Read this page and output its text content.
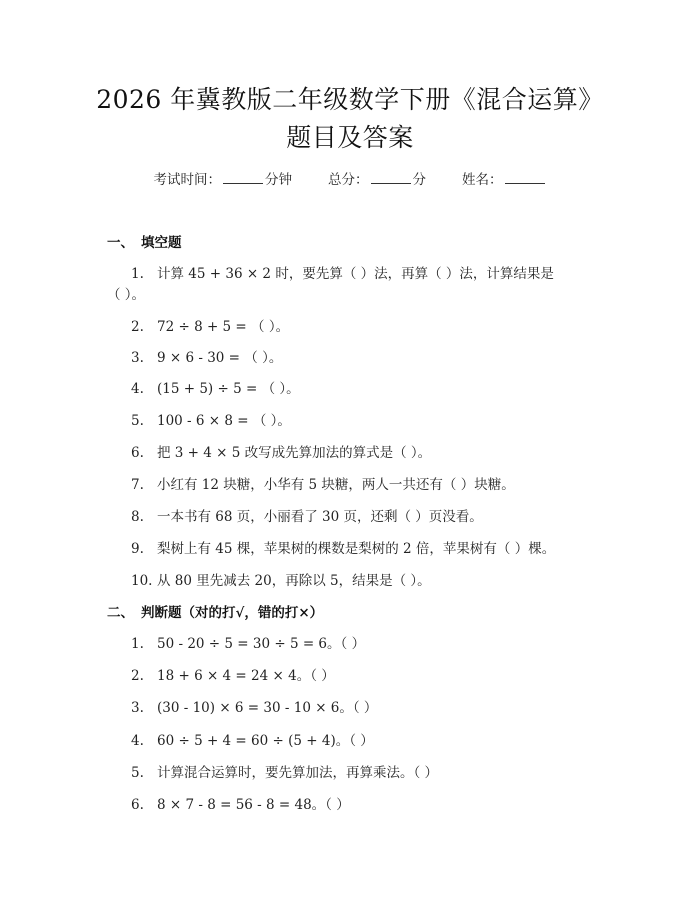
2026 年冀教版二年级数学下册《混合运算》
题目及答案
考试时间：	分钟	总分：	分	姓名：
一、 填空题
1. 计算 45 + 36 × 2 时，要先算（ ）法，再算（ ）法，计算结果是
（ ）。
2. 72 ÷ 8 + 5 = （ ）。
3. 9 × 6 - 30 = （ ）。
4. (15 + 5) ÷ 5 = （ ）。
5. 100 - 6 × 8 = （ ）。
6. 把 3 + 4 × 5 改写成先算加法的算式是（ ）。
7. 小红有 12 块糖，小华有 5 块糖，两人一共还有（ ）块糖。
8. 一本书有 68 页，小丽看了 30 页，还剩（ ）页没看。
9. 梨树上有 45 棵，苹果树的棵数是梨树的 2 倍，苹果树有（ ）棵。
10. 从 80 里先减去 20，再除以 5，结果是（ ）。
二、 判断题（对的打√，错的打×）
1. 50 - 20 ÷ 5 = 30 ÷ 5 = 6。（ ）
2. 18 + 6 × 4 = 24 × 4。（ ）
3. (30 - 10) × 6 = 30 - 10 × 6。（ ）
4. 60 ÷ 5 + 4 = 60 ÷ (5 + 4)。（ ）
5. 计算混合运算时，要先算加法，再算乘法。（ ）
6. 8 × 7 - 8 = 56 - 8 = 48。（ ）
